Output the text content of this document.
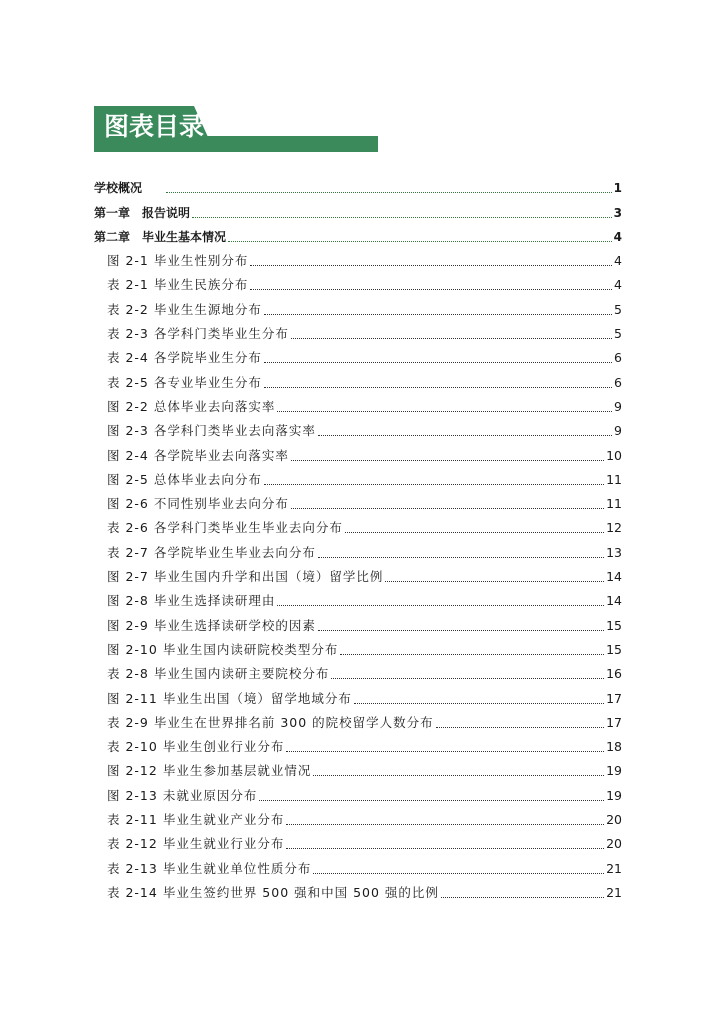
图表目录
学校概况	1
第一章　报告说明	3
第二章　毕业生基本情况	4
图 2-1 毕业生性别分布	4
表 2-1 毕业生民族分布	4
表 2-2 毕业生生源地分布	5
表 2-3 各学科门类毕业生分布	5
表 2-4 各学院毕业生分布	6
表 2-5 各专业毕业生分布	6
图 2-2 总体毕业去向落实率	9
图 2-3 各学科门类毕业去向落实率	9
图 2-4 各学院毕业去向落实率	10
图 2-5 总体毕业去向分布	11
图 2-6 不同性别毕业去向分布	11
表 2-6 各学科门类毕业生毕业去向分布	12
表 2-7 各学院毕业生毕业去向分布	13
图 2-7 毕业生国内升学和出国（境）留学比例	14
图 2-8 毕业生选择读研理由	14
图 2-9 毕业生选择读研学校的因素	15
图 2-10 毕业生国内读研院校类型分布	15
表 2-8 毕业生国内读研主要院校分布	16
图 2-11 毕业生出国（境）留学地域分布	17
表 2-9 毕业生在世界排名前 300 的院校留学人数分布	17
表 2-10 毕业生创业行业分布	18
图 2-12 毕业生参加基层就业情况	19
图 2-13 未就业原因分布	19
表 2-11 毕业生就业产业分布	20
表 2-12 毕业生就业行业分布	20
表 2-13 毕业生就业单位性质分布	21
表 2-14 毕业生签约世界 500 强和中国 500 强的比例	21
